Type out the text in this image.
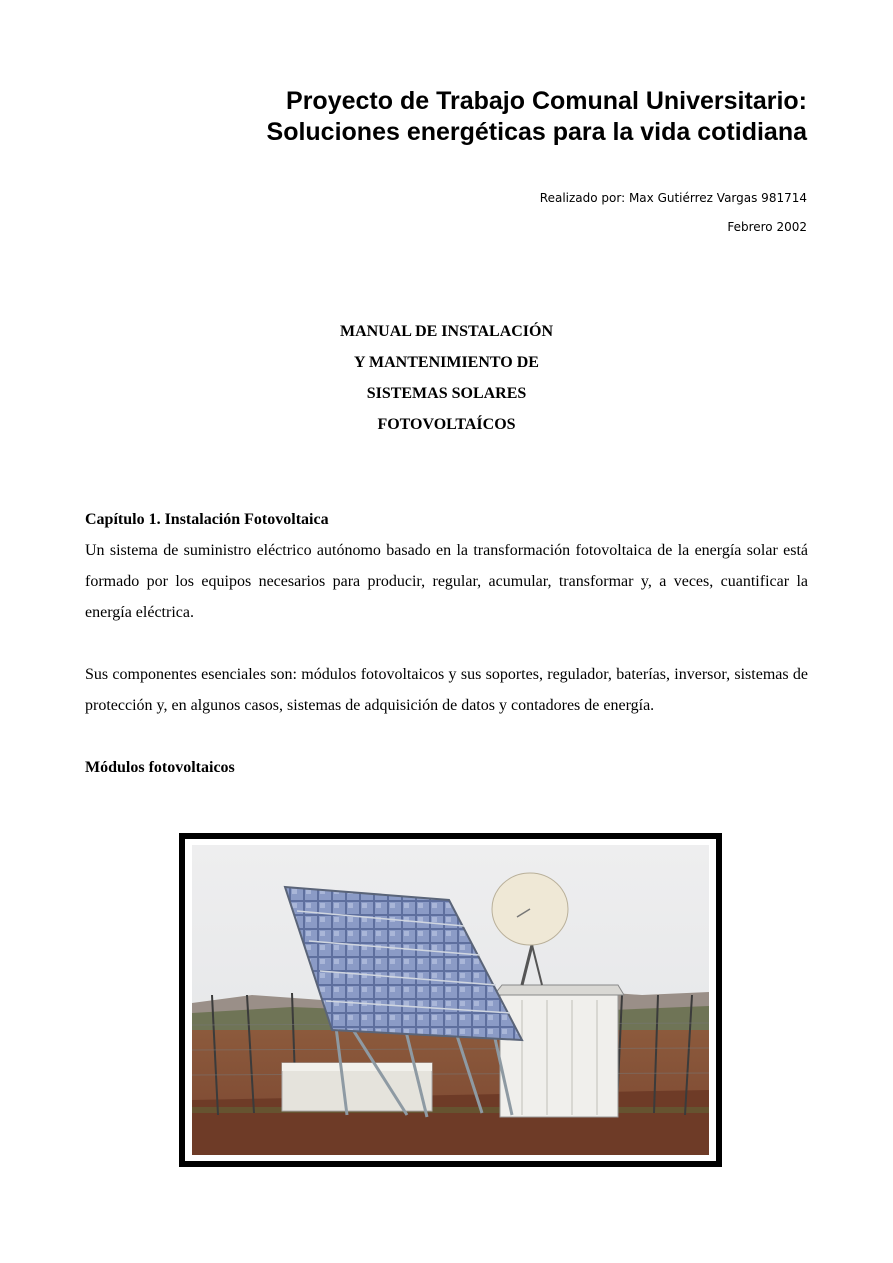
Proyecto de Trabajo Comunal Universitario:
Soluciones energéticas para la vida cotidiana
Realizado por: Max Gutiérrez Vargas 981714
Febrero 2002
MANUAL DE INSTALACIÓN
Y MANTENIMIENTO DE
SISTEMAS SOLARES
FOTOVOLTAÍCOS
Capítulo 1. Instalación Fotovoltaica

Un sistema de suministro eléctrico autónomo basado en la transformación fotovoltaica de la energía solar está formado por los equipos necesarios para producir, regular, acumular, transformar y, a veces, cuantificar la energía eléctrica.

Sus componentes esenciales son: módulos fotovoltaicos y sus soportes, regulador, baterías, inversor, sistemas de protección y, en algunos casos, sistemas de adquisición de datos y contadores de energía.

Módulos fotovoltaicos
